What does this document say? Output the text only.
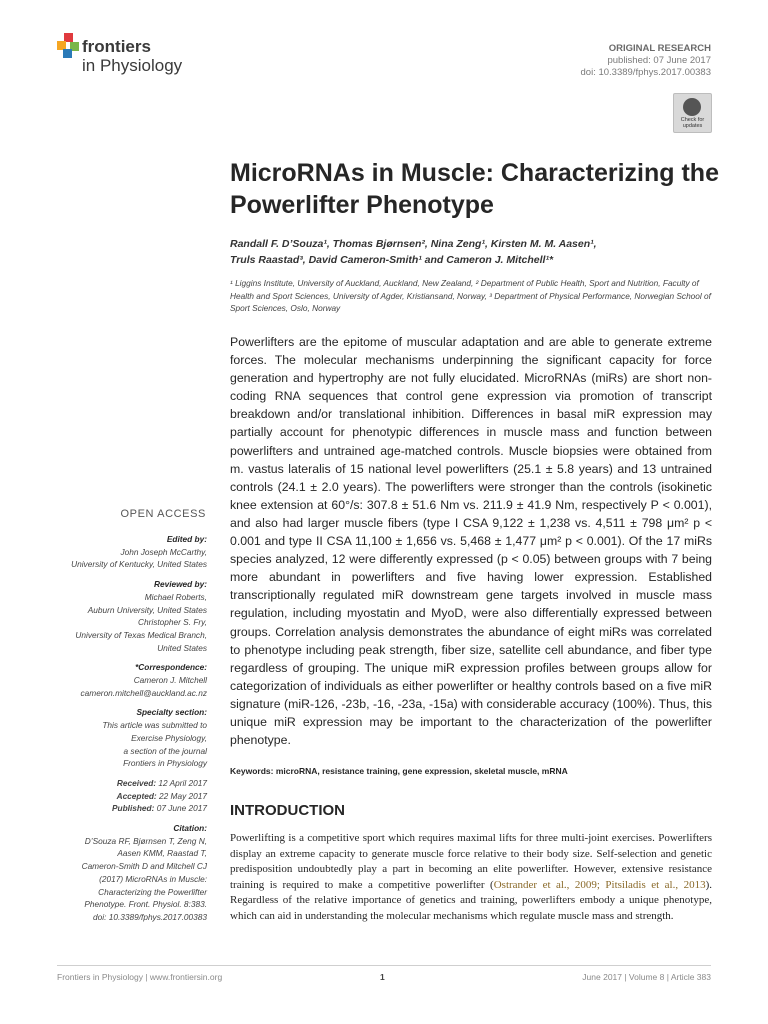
frontiers
in Physiology
ORIGINAL RESEARCH
published: 07 June 2017
doi: 10.3389/fphys.2017.00383
Check for
updates
MicroRNAs in Muscle: Characterizing the Powerlifter Phenotype
Randall F. D’Souza¹, Thomas Bjørnsen², Nina Zeng¹, Kirsten M. M. Aasen¹,
Truls Raastad³, David Cameron-Smith¹ and Cameron J. Mitchell¹*
¹ Liggins Institute, University of Auckland, Auckland, New Zealand, ² Department of Public Health, Sport and Nutrition, Faculty of Health and Sport Sciences, University of Agder, Kristiansand, Norway, ³ Department of Physical Performance, Norwegian School of Sport Sciences, Oslo, Norway
Powerlifters are the epitome of muscular adaptation and are able to generate extreme forces. The molecular mechanisms underpinning the significant capacity for force generation and hypertrophy are not fully elucidated. MicroRNAs (miRs) are short non-coding RNA sequences that control gene expression via promotion of transcript breakdown and/or translational inhibition. Differences in basal miR expression may partially account for phenotypic differences in muscle mass and function between powerlifters and untrained age-matched controls. Muscle biopsies were obtained from m. vastus lateralis of 15 national level powerlifters (25.1 ± 5.8 years) and 13 untrained controls (24.1 ± 2.0 years). The powerlifters were stronger than the controls (isokinetic knee extension at 60°/s: 307.8 ± 51.6 Nm vs. 211.9 ± 41.9 Nm, respectively P < 0.001), and also had larger muscle fibers (type I CSA 9,122 ± 1,238 vs. 4,511 ± 798 μm² p < 0.001 and type II CSA 11,100 ± 1,656 vs. 5,468 ± 1,477 μm² p < 0.001). Of the 17 miRs species analyzed, 12 were differently expressed (p < 0.05) between groups with 7 being more abundant in powerlifters and five having lower expression. Established transcriptionally regulated miR downstream gene targets involved in muscle mass regulation, including myostatin and MyoD, were also differentially expressed between groups. Correlation analysis demonstrates the abundance of eight miRs was correlated to phenotype including peak strength, fiber size, satellite cell abundance, and fiber type regardless of grouping. The unique miR expression profiles between groups allow for categorization of individuals as either powerlifter or healthy controls based on a five miR signature (miR-126, -23b, -16, -23a, -15a) with considerable accuracy (100%). Thus, this unique miR expression may be important to the characterization of the powerlifter phenotype.
Keywords: microRNA, resistance training, gene expression, skeletal muscle, mRNA
INTRODUCTION
Powerlifting is a competitive sport which requires maximal lifts for three multi-joint exercises. Powerlifters display an extreme capacity to generate muscle force relative to their body size. Self-selection and genetic predisposition undoubtedly play a part in becoming an elite powerlifter. However, extensive resistance training is required to make a competitive powerlifter (Ostrander et al., 2009; Pitsiladis et al., 2013). Regardless of the relative importance of genetics and training, powerlifters embody a unique phenotype, which can aid in understanding the molecular mechanisms which regulate muscle mass and strength.
OPEN ACCESS
Edited by:
John Joseph McCarthy,
University of Kentucky, United States
Reviewed by:
Michael Roberts,
Auburn University, United States
Christopher S. Fry,
University of Texas Medical Branch,
United States
*Correspondence:
Cameron J. Mitchell
cameron.mitchell@auckland.ac.nz
Specialty section:
This article was submitted to
Exercise Physiology,
a section of the journal
Frontiers in Physiology
Received: 12 April 2017
Accepted: 22 May 2017
Published: 07 June 2017
Citation:
D’Souza RF, Bjørnsen T, Zeng N,
Aasen KMM, Raastad T,
Cameron-Smith D and Mitchell CJ
(2017) MicroRNAs in Muscle:
Characterizing the Powerlifter
Phenotype. Front. Physiol. 8:383.
doi: 10.3389/fphys.2017.00383
Frontiers in Physiology | www.frontiersin.org	1	June 2017 | Volume 8 | Article 383
